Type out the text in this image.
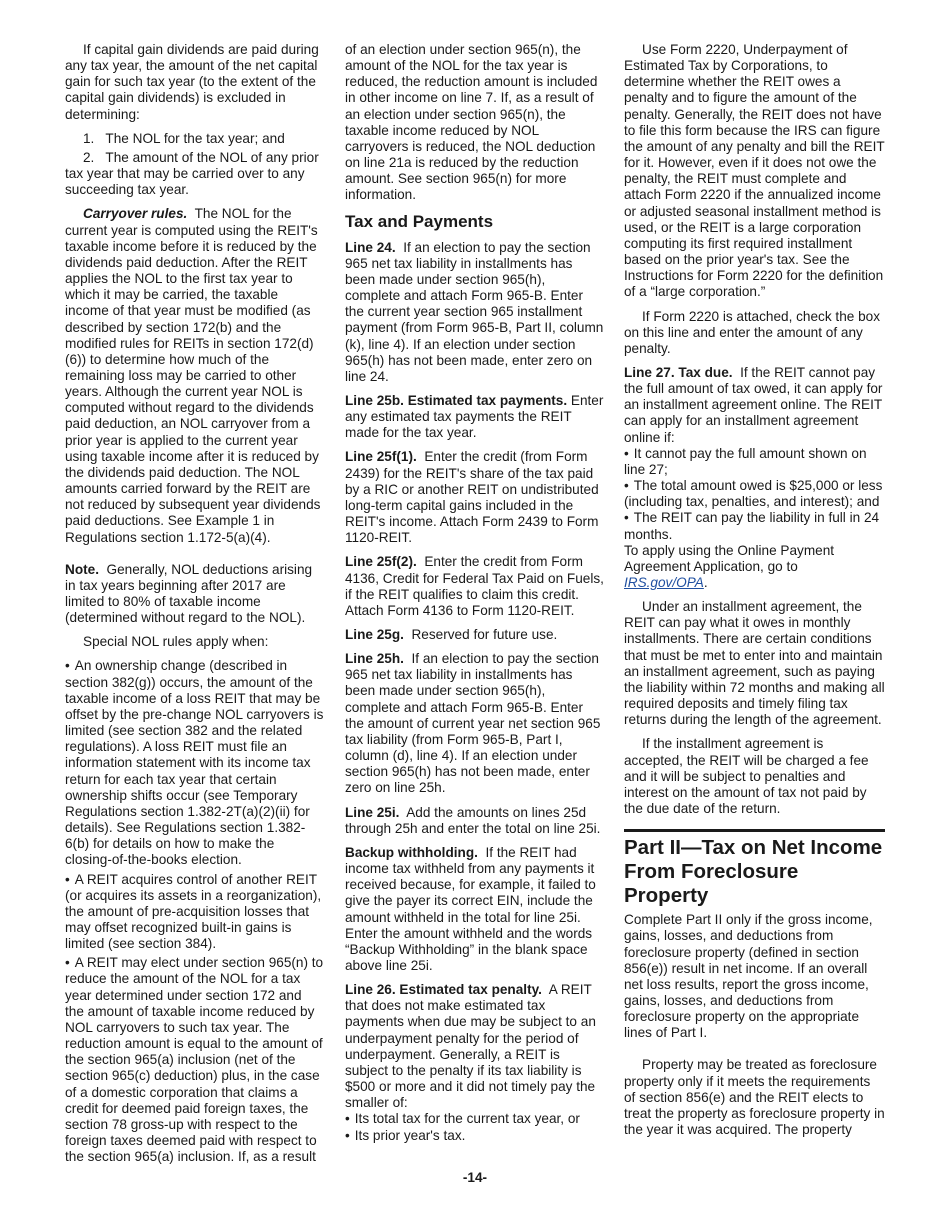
If capital gain dividends are paid during any tax year, the amount of the net capital gain for such tax year (to the extent of the capital gain dividends) is excluded in determining:

1.   The NOL for the tax year; and

2.   The amount of the NOL of any prior tax year that may be carried over to any succeeding tax year.

Carryover rules. The NOL for the current year is computed using the REIT's taxable income before it is reduced by the dividends paid deduction. After the REIT applies the NOL to the first tax year to which it may be carried, the taxable income of that year must be modified (as described by section 172(b) and the modified rules for REITs in section 172(d)(6)) to determine how much of the remaining loss may be carried to other years. Although the current year NOL is computed without regard to the dividends paid deduction, an NOL carryover from a prior year is applied to the current year using taxable income after it is reduced by the dividends paid deduction. The NOL amounts carried forward by the REIT are not reduced by subsequent year dividends paid deductions. See Example 1 in Regulations section 1.172-5(a)(4).

Note. Generally, NOL deductions arising in tax years beginning after 2017 are limited to 80% of taxable income (determined without regard to the NOL).

Special NOL rules apply when:

• An ownership change (described in section 382(g)) occurs, the amount of the taxable income of a loss REIT that may be offset by the pre-change NOL carryovers is limited (see section 382 and the related regulations). A loss REIT must file an information statement with its income tax return for each tax year that certain ownership shifts occur (see Temporary Regulations section 1.382-2T(a)(2)(ii) for details). See Regulations section 1.382-6(b) for details on how to make the closing-of-the-books election.

• A REIT acquires control of another REIT (or acquires its assets in a reorganization), the amount of pre-acquisition losses that may offset recognized built-in gains is limited (see section 384).

• A REIT may elect under section 965(n) to reduce the amount of the NOL for a tax year determined under section 172 and the amount of taxable income reduced by NOL carryovers to such tax year. The reduction amount is equal to the amount of the section 965(a) inclusion (net of the section 965(c) deduction) plus, in the case of a domestic corporation that claims a credit for deemed paid foreign taxes, the section 78 gross-up with respect to the foreign taxes deemed paid with respect to the section 965(a) inclusion. If, as a result

of an election under section 965(n), the amount of the NOL for the tax year is reduced, the reduction amount is included in other income on line 7. If, as a result of an election under section 965(n), the taxable income reduced by NOL carryovers is reduced, the NOL deduction on line 21a is reduced by the reduction amount. See section 965(n) for more information.

Tax and Payments

Line 24. If an election to pay the section 965 net tax liability in installments has been made under section 965(h), complete and attach Form 965-B. Enter the current year section 965 installment payment (from Form 965-B, Part II, column (k), line 4). If an election under section 965(h) has not been made, enter zero on line 24.

Line 25b. Estimated tax payments. Enter any estimated tax payments the REIT made for the tax year.

Line 25f(1). Enter the credit (from Form 2439) for the REIT's share of the tax paid by a RIC or another REIT on undistributed long-term capital gains included in the REIT's income. Attach Form 2439 to Form 1120-REIT.

Line 25f(2). Enter the credit from Form 4136, Credit for Federal Tax Paid on Fuels, if the REIT qualifies to claim this credit. Attach Form 4136 to Form 1120-REIT.

Line 25g. Reserved for future use.

Line 25h. If an election to pay the section 965 net tax liability in installments has been made under section 965(h), complete and attach Form 965-B. Enter the amount of current year net section 965 tax liability (from Form 965-B, Part I, column (d), line 4). If an election under section 965(h) has not been made, enter zero on line 25h.

Line 25i. Add the amounts on lines 25d through 25h and enter the total on line 25i.

Backup withholding. If the REIT had income tax withheld from any payments it received because, for example, it failed to give the payer its correct EIN, include the amount withheld in the total for line 25i. Enter the amount withheld and the words “Backup Withholding” in the blank space above line 25i.

Line 26. Estimated tax penalty. A REIT that does not make estimated tax payments when due may be subject to an underpayment penalty for the period of underpayment. Generally, a REIT is subject to the penalty if its tax liability is $500 or more and it did not timely pay the smaller of:

• Its total tax for the current tax year, or

• Its prior year's tax.

Use Form 2220, Underpayment of Estimated Tax by Corporations, to determine whether the REIT owes a penalty and to figure the amount of the penalty. Generally, the REIT does not have to file this form because the IRS can figure the amount of any penalty and bill the REIT for it. However, even if it does not owe the penalty, the REIT must complete and attach Form 2220 if the annualized income or adjusted seasonal installment method is used, or the REIT is a large corporation computing its first required installment based on the prior year's tax. See the Instructions for Form 2220 for the definition of a “large corporation.”

If Form 2220 is attached, check the box on this line and enter the amount of any penalty.

Line 27. Tax due. If the REIT cannot pay the full amount of tax owed, it can apply for an installment agreement online. The REIT can apply for an installment agreement online if:

• It cannot pay the full amount shown on line 27;

• The total amount owed is $25,000 or less (including tax, penalties, and interest); and

• The REIT can pay the liability in full in 24 months.

To apply using the Online Payment Agreement Application, go to IRS.gov/OPA.

Under an installment agreement, the REIT can pay what it owes in monthly installments. There are certain conditions that must be met to enter into and maintain an installment agreement, such as paying the liability within 72 months and making all required deposits and timely filing tax returns during the length of the agreement.

If the installment agreement is accepted, the REIT will be charged a fee and it will be subject to penalties and interest on the amount of tax not paid by the due date of the return.

Part II—Tax on Net Income From Foreclosure Property

Complete Part II only if the gross income, gains, losses, and deductions from foreclosure property (defined in section 856(e)) result in net income. If an overall net loss results, report the gross income, gains, losses, and deductions from foreclosure property on the appropriate lines of Part I.

Property may be treated as foreclosure property only if it meets the requirements of section 856(e) and the REIT elects to treat the property as foreclosure property in the year it was acquired. The property

-14-
